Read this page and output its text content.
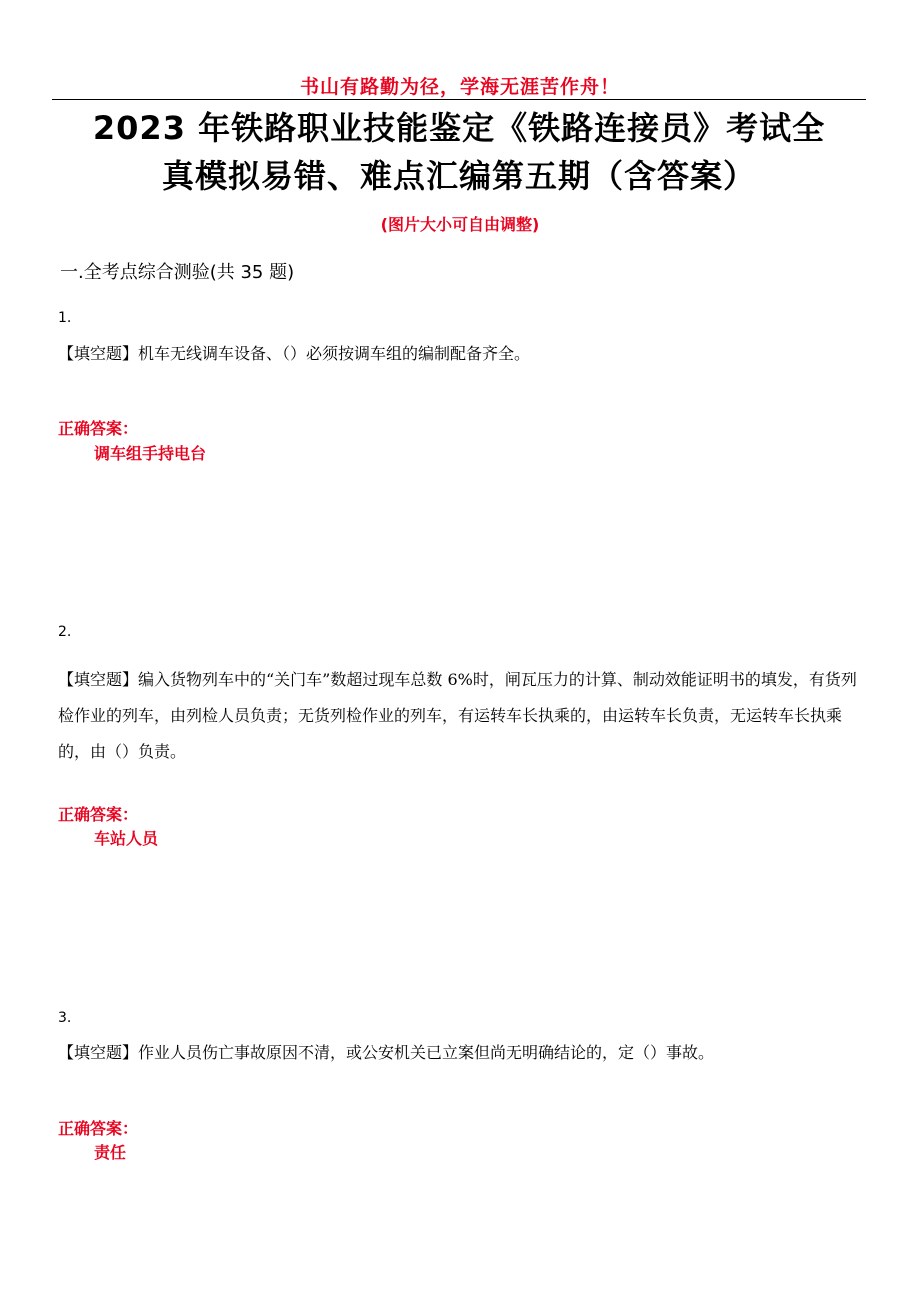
书山有路勤为径，学海无涯苦作舟！
2023 年铁路职业技能鉴定《铁路连接员》考试全
真模拟易错、难点汇编第五期（含答案）
(图片大小可自由调整)
一.全考点综合测验(共 35 题)
1.
【填空题】机车无线调车设备、（）必须按调车组的编制配备齐全。
正确答案：
调车组手持电台
2.
【填空题】编入货物列车中的“关门车”数超过现车总数 6%时，闸瓦压力的计算、制动效能证明书的填发，有货列检作业的列车，由列检人员负责；无货列检作业的列车，有运转车长执乘的，由运转车长负责，无运转车长执乘的，由（）负责。
正确答案：
车站人员
3.
【填空题】作业人员伤亡事故原因不清，或公安机关已立案但尚无明确结论的，定（）事故。
正确答案：
责任
